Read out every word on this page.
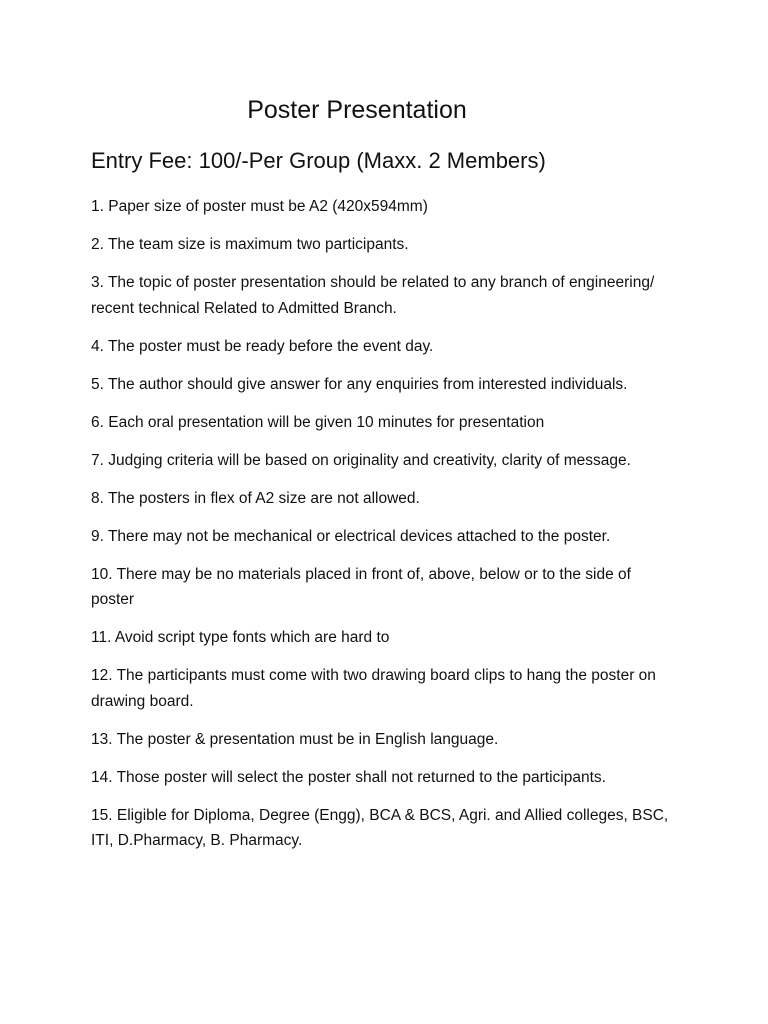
Poster Presentation

Entry Fee: 100/-Per Group (Maxx. 2 Members)

1. Paper size of poster must be A2 (420x594mm)
2. The team size is maximum two participants.
3. The topic of poster presentation should be related to any branch of engineering/ recent technical Related to Admitted Branch.
4. The poster must be ready before the event day.
5. The author should give answer for any enquiries from interested individuals.
6. Each oral presentation will be given 10 minutes for presentation
7. Judging criteria will be based on originality and creativity, clarity of message.
8. The posters in flex of A2 size are not allowed.
9. There may not be mechanical or electrical devices attached to the poster.
10. There may be no materials placed in front of, above, below or to the side of poster
11. Avoid script type fonts which are hard to
12. The participants must come with two drawing board clips to hang the poster on drawing board.
13. The poster & presentation must be in English language.
14. Those poster will select the poster shall not returned to the participants.
15. Eligible for Diploma, Degree (Engg), BCA & BCS, Agri. and Allied colleges, BSC, ITI, D.Pharmacy, B. Pharmacy.
